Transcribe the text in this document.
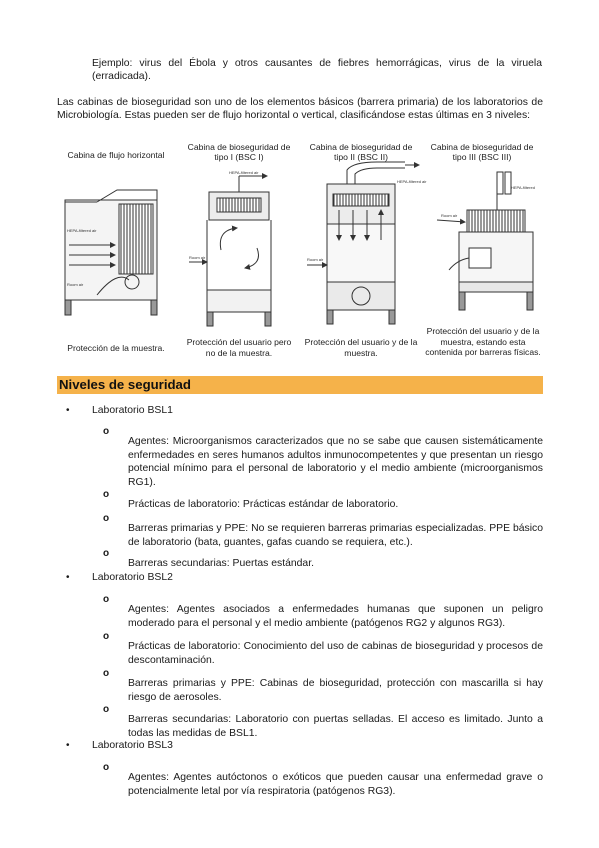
Ejemplo: virus del Ébola y otros causantes de fiebres hemorrágicas, virus de la viruela (erradicada).

Las cabinas de bioseguridad son uno de los elementos básicos (barrera primaria) de los laboratorios de Microbiología. Estas pueden ser de flujo horizontal o vertical, clasificándose estas últimas en 3 niveles:

Cabina de flujo horizontal
Cabina de bioseguridad de tipo I (BSC I)
Cabina de bioseguridad de tipo II (BSC II)
Cabina de bioseguridad de tipo III (BSC III)
HEPA-filtered air
Room air
HEPA-filtered air
Room air
HEPA-filtered air
Room air
HEPA-filtered
Room air
Protección de la muestra.
Protección del usuario pero no de la muestra.
Protección del usuario y de la muestra.
Protección del usuario y de la muestra, estando esta contenida por barreras físicas.
Niveles de seguridad
• Laboratorio BSL1
o

Agentes: Microorganismos caracterizados que no se sabe que causen sistemáticamente enfermedades en seres humanos adultos inmunocompetentes y que presentan un riesgo potencial mínimo para el personal de laboratorio y el medio ambiente (microorganismos RG1).

o

Prácticas de laboratorio: Prácticas estándar de laboratorio.

o

Barreras primarias y PPE: No se requieren barreras primarias especializadas. PPE básico de laboratorio (bata, guantes, gafas cuando se requiera, etc.).

o

Barreras secundarias: Puertas estándar.

• Laboratorio BSL2
o

Agentes: Agentes asociados a enfermedades humanas que suponen un peligro moderado para el personal y el medio ambiente (patógenos RG2 y algunos RG3).

o

Prácticas de laboratorio: Conocimiento del uso de cabinas de bioseguridad y procesos de descontaminación.

o

Barreras primarias y PPE: Cabinas de bioseguridad, protección con mascarilla si hay riesgo de aerosoles.

o

Barreras secundarias: Laboratorio con puertas selladas. El acceso es limitado. Junto a todas las medidas de BSL1.

• Laboratorio BSL3
o

Agentes: Agentes autóctonos o exóticos que pueden causar una enfermedad grave o potencialmente letal por vía respiratoria (patógenos RG3).
